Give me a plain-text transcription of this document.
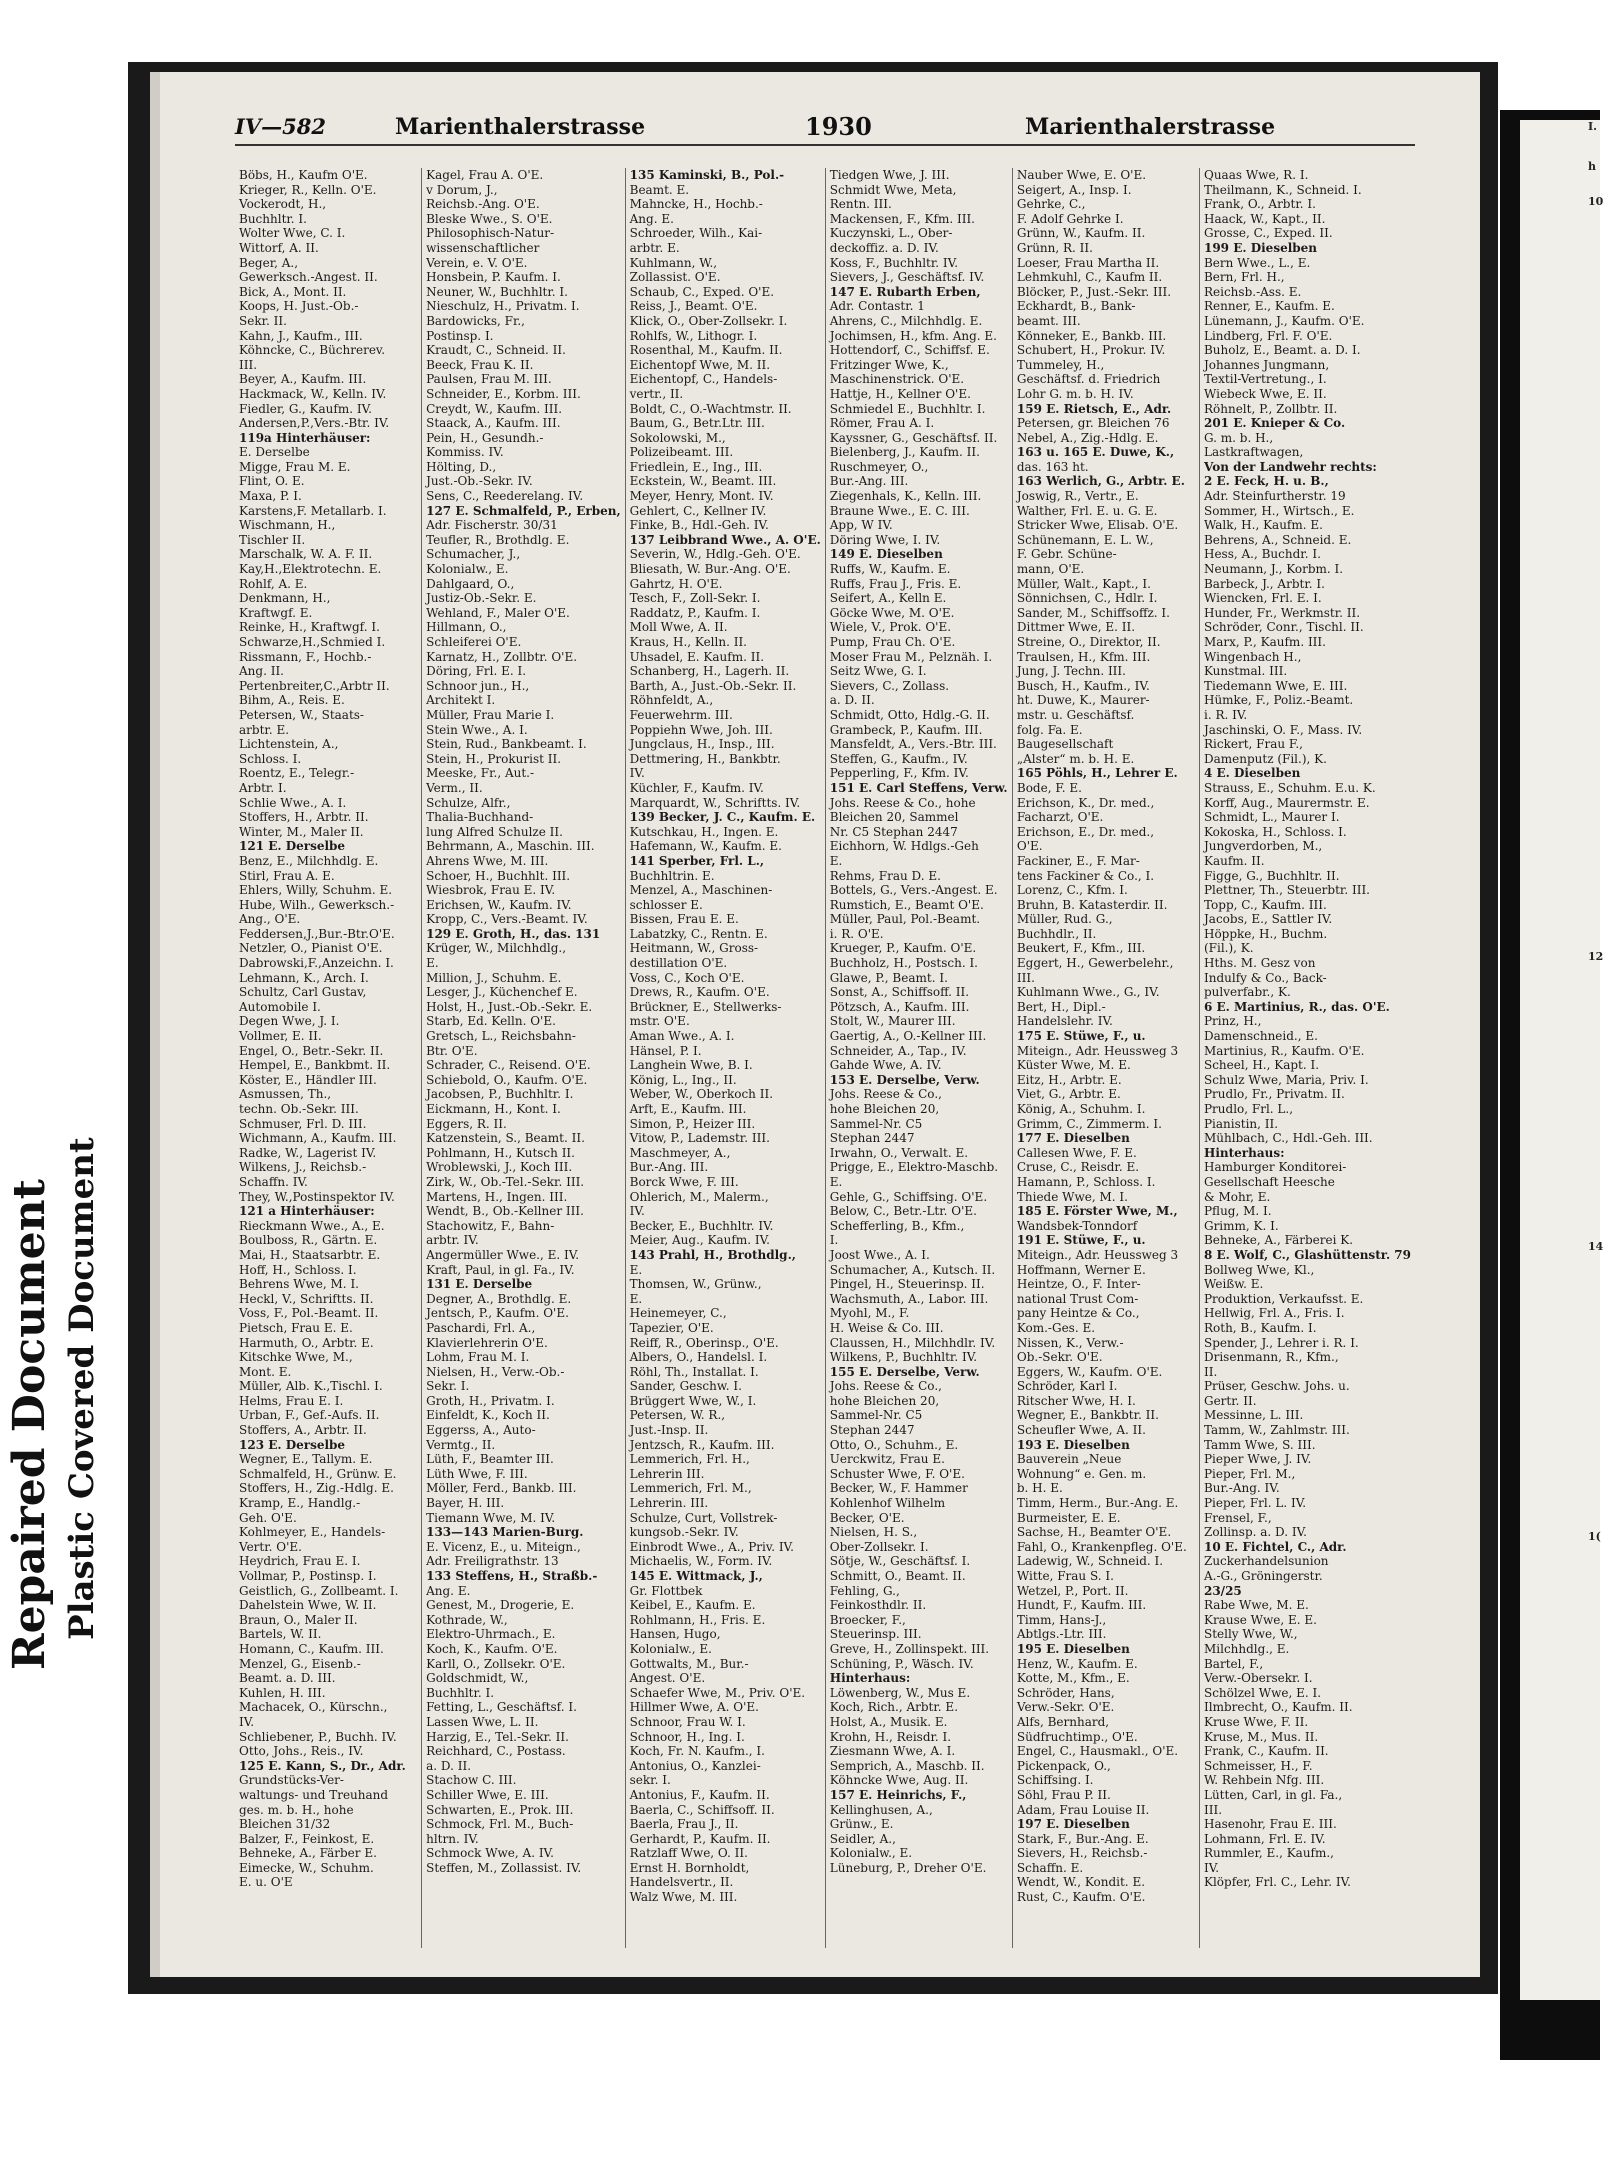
I.
h
10
12
14
1(
IV—582	Marienthalerstrasse	1930	Marienthalerstrasse
Böbs, H., Kaufm O'E.
Krieger, R., Kelln. O'E.
Vockerodt, H.,
Buchhltr. I.
Wolter Wwe, C. I.
Wittorf, A. II.
Beger, A.,
Gewerksch.-Angest. II.
Bick, A., Mont. II.
Koops, H. Just.-Ob.-
Sekr. II.
Kahn, J., Kaufm., III.
Köhncke, C., Büchrerev.
III.
Beyer, A., Kaufm. III.
Hackmack, W., Kelln. IV.
Fiedler, G., Kaufm. IV.
Andersen,P.,Vers.-Btr. IV.
119a Hinterhäuser:
E. Derselbe
Migge, Frau M. E.
Flint, O. E.
Maxa, P. I.
Karstens,F. Metallarb. I.
Wischmann, H.,
Tischler II.
Marschalk, W. A. F. II.
Kay,H.,Elektrotechn. E.
Rohlf, A. E.
Denkmann, H.,
Kraftwgf. E.
Reinke, H., Kraftwgf. I.
Schwarze,H.,Schmied I.
Rissmann, F., Hochb.-
Ang. II.
Pertenbreiter,C.,Arbtr II.
Bihm, A., Reis. E.
Petersen, W., Staats-
arbtr. E.
Lichtenstein, A.,
Schloss. I.
Roentz, E., Telegr.-
Arbtr. I.
Schlie Wwe., A. I.
Stoffers, H., Arbtr. II.
Winter, M., Maler II.
121 E. Derselbe
Benz, E., Milchhdlg. E.
Stirl, Frau A. E.
Ehlers, Willy, Schuhm. E.
Hube, Wilh., Gewerksch.-
Ang., O'E.
Feddersen,J.,Bur.-Btr.O'E.
Netzler, O., Pianist O'E.
Dabrowski,F.,Anzeichn. I.
Lehmann, K., Arch. I.
Schultz, Carl Gustav,
Automobile I.
Degen Wwe, J. I.
Vollmer, E. II.
Engel, O., Betr.-Sekr. II.
Hempel, E., Bankbmt. II.
Köster, E., Händler III.
Asmussen, Th.,
techn. Ob.-Sekr. III.
Schmuser, Frl. D. III.
Wichmann, A., Kaufm. III.
Radke, W., Lagerist IV.
Wilkens, J., Reichsb.-
Schaffn. IV.
They, W.,Postinspektor IV.
121 a Hinterhäuser:
Rieckmann Wwe., A., E.
Boulboss, R., Gärtn. E.
Mai, H., Staatsarbtr. E.
Hoff, H., Schloss. I.
Behrens Wwe, M. I.
Heckl, V., Schriftts. II.
Voss, F., Pol.-Beamt. II.
Pietsch, Frau E. E.
Harmuth, O., Arbtr. E.
Kitschke Wwe, M.,
Mont. E.
Müller, Alb. K.,Tischl. I.
Helms, Frau E. I.
Urban, F., Gef.-Aufs. II.
Stoffers, A., Arbtr. II.
123 E. Derselbe
Wegner, E., Tallym. E.
Schmalfeld, H., Grünw. E.
Stoffers, H., Zig.-Hdlg. E.
Kramp, E., Handlg.-
Geh. O'E.
Kohlmeyer, E., Handels-
Vertr. O'E.
Heydrich, Frau E. I.
Vollmar, P., Postinsp. I.
Geistlich, G., Zollbeamt. I.
Dahelstein Wwe, W. II.
Braun, O., Maler II.
Bartels, W. II.
Homann, C., Kaufm. III.
Menzel, G., Eisenb.-
Beamt. a. D. III.
Kuhlen, H. III.
Machacek, O., Kürschn.,
IV.
Schliebener, P., Buchh. IV.
Otto, Johs., Reis., IV.
125 E. Kann, S., Dr., Adr.
Grundstücks-Ver-
waltungs- und Treuhand
ges. m. b. H., hohe
Bleichen 31/32
Balzer, F., Feinkost, E.
Behneke, A., Färber E.
Eimecke, W., Schuhm.
E. u. O'E
Kagel, Frau A. O'E.
v Dorum, J.,
Reichsb.-Ang. O'E.
Bleske Wwe., S. O'E.
Philosophisch-Natur-
wissenschaftlicher
Verein, e. V. O'E.
Honsbein, P. Kaufm. I.
Neuner, W., Buchhltr. I.
Nieschulz, H., Privatm. I.
Bardowicks, Fr.,
Postinsp. I.
Kraudt, C., Schneid. II.
Beeck, Frau K. II.
Paulsen, Frau M. III.
Schneider, E., Korbm. III.
Creydt, W., Kaufm. III.
Staack, A., Kaufm. III.
Pein, H., Gesundh.-
Kommiss. IV.
Hölting, D.,
Just.-Ob.-Sekr. IV.
Sens, C., Reederelang. IV.
127 E. Schmalfeld, P., Erben,
Adr. Fischerstr. 30/31
Teufler, R., Brothdlg. E.
Schumacher, J.,
Kolonialw., E.
Dahlgaard, O.,
Justiz-Ob.-Sekr. E.
Wehland, F., Maler O'E.
Hillmann, O.,
Schleiferei O'E.
Karnatz, H., Zollbtr. O'E.
Döring, Frl. E. I.
Schnoor jun., H.,
Architekt I.
Müller, Frau Marie I.
Stein Wwe., A. I.
Stein, Rud., Bankbeamt. I.
Stein, H., Prokurist II.
Meeske, Fr., Aut.-
Verm., II.
Schulze, Alfr.,
Thalia-Buchhand-
lung Alfred Schulze II.
Behrmann, A., Maschin. III.
Ahrens Wwe, M. III.
Schoer, H., Buchhlt. III.
Wiesbrok, Frau E. IV.
Erichsen, W., Kaufm. IV.
Kropp, C., Vers.-Beamt. IV.
129 E. Groth, H., das. 131
Krüger, W., Milchhdlg.,
E.
Million, J., Schuhm. E.
Lesger, J., Küchenchef E.
Holst, H., Just.-Ob.-Sekr. E.
Starb, Ed. Kelln. O'E.
Gretsch, L., Reichsbahn-
Btr. O'E.
Schrader, C., Reisend. O'E.
Schiebold, O., Kaufm. O'E.
Jacobsen, P., Buchhltr. I.
Eickmann, H., Kont. I.
Eggers, R. II.
Katzenstein, S., Beamt. II.
Pohlmann, H., Kutsch II.
Wroblewski, J., Koch III.
Zirk, W., Ob.-Tel.-Sekr. III.
Martens, H., Ingen. III.
Wendt, B., Ob.-Kellner III.
Stachowitz, F., Bahn-
arbtr. IV.
Angermüller Wwe., E. IV.
Kraft, Paul, in gl. Fa., IV.
131 E. Derselbe
Degner, A., Brothdlg. E.
Jentsch, P., Kaufm. O'E.
Paschardi, Frl. A.,
Klavierlehrerin O'E.
Lohm, Frau M. I.
Nielsen, H., Verw.-Ob.-
Sekr. I.
Groth, H., Privatm. I.
Einfeldt, K., Koch II.
Eggerss, A., Auto-
Vermtg., II.
Lüth, F., Beamter III.
Lüth Wwe, F. III.
Möller, Ferd., Bankb. III.
Bayer, H. III.
Tiemann Wwe, M. IV.
133—143 Marien-Burg.
E. Vicenz, E., u. Miteign.,
Adr. Freiligrathstr. 13
133 Steffens, H., Straßb.-
Ang. E.
Genest, M., Drogerie, E.
Kothrade, W.,
Elektro-Uhrmach., E.
Koch, K., Kaufm. O'E.
Karll, O., Zollsekr. O'E.
Goldschmidt, W.,
Buchhltr. I.
Fetting, L., Geschäftsf. I.
Lassen Wwe, L. II.
Harzig, E., Tel.-Sekr. II.
Reichhard, C., Postass.
a. D. II.
Stachow C. III.
Schiller Wwe, E. III.
Schwarten, E., Prok. III.
Schmock, Frl. M., Buch-
hltrn. IV.
Schmock Wwe, A. IV.
Steffen, M., Zollassist. IV.
135 Kaminski, B., Pol.-
Beamt. E.
Mahncke, H., Hochb.-
Ang. E.
Schroeder, Wilh., Kai-
arbtr. E.
Kuhlmann, W.,
Zollassist. O'E.
Schaub, C., Exped. O'E.
Reiss, J., Beamt. O'E.
Klick, O., Ober-Zollsekr. I.
Rohlfs, W., Lithogr. I.
Rosenthal, M., Kaufm. II.
Eichentopf Wwe, M. II.
Eichentopf, C., Handels-
vertr., II.
Boldt, C., O.-Wachtmstr. II.
Baum, G., Betr.Ltr. III.
Sokolowski, M.,
Polizeibeamt. III.
Friedlein, E., Ing., III.
Eckstein, W., Beamt. III.
Meyer, Henry, Mont. IV.
Gehlert, C., Kellner IV.
Finke, B., Hdl.-Geh. IV.
137 Leibbrand Wwe., A. O'E.
Severin, W., Hdlg.-Geh. O'E.
Bliesath, W. Bur.-Ang. O'E.
Gahrtz, H. O'E.
Tesch, F., Zoll-Sekr. I.
Raddatz, P., Kaufm. I.
Moll Wwe, A. II.
Kraus, H., Kelln. II.
Uhsadel, E. Kaufm. II.
Schanberg, H., Lagerh. II.
Barth, A., Just.-Ob.-Sekr. II.
Röhnfeldt, A.,
Feuerwehrm. III.
Poppiehn Wwe, Joh. III.
Jungclaus, H., Insp., III.
Dettmering, H., Bankbtr.
IV.
Küchler, F., Kaufm. IV.
Marquardt, W., Schriftts. IV.
139 Becker, J. C., Kaufm. E.
Kutschkau, H., Ingen. E.
Hafemann, W., Kaufm. E.
141 Sperber, Frl. L.,
Buchhltrin. E.
Menzel, A., Maschinen-
schlosser E.
Bissen, Frau E. E.
Labatzky, C., Rentn. E.
Heitmann, W., Gross-
destillation O'E.
Voss, C., Koch O'E.
Drews, R., Kaufm. O'E.
Brückner, E., Stellwerks-
mstr. O'E.
Aman Wwe., A. I.
Hänsel, P. I.
Langhein Wwe, B. I.
König, L., Ing., II.
Weber, W., Oberkoch II.
Arft, E., Kaufm. III.
Simon, P., Heizer III.
Vitow, P., Lademstr. III.
Maschmeyer, A.,
Bur.-Ang. III.
Borck Wwe, F. III.
Ohlerich, M., Malerm.,
IV.
Becker, E., Buchhltr. IV.
Meier, Aug., Kaufm. IV.
143 Prahl, H., Brothdlg.,
E.
Thomsen, W., Grünw.,
E.
Heinemeyer, C.,
Tapezier, O'E.
Reiff, R., Oberinsp., O'E.
Albers, O., Handelsl. I.
Röhl, Th., Installat. I.
Sander, Geschw. I.
Brüggert Wwe, W., I.
Petersen, W. R.,
Just.-Insp. II.
Jentzsch, R., Kaufm. III.
Lemmerich, Frl. H.,
Lehrerin III.
Lemmerich, Frl. M.,
Lehrerin. III.
Schulze, Curt, Vollstrek-
kungsob.-Sekr. IV.
Einbrodt Wwe., A., Priv. IV.
Michaelis, W., Form. IV.
145 E. Wittmack, J.,
Gr. Flottbek
Keibel, E., Kaufm. E.
Rohlmann, H., Fris. E.
Hansen, Hugo,
Kolonialw., E.
Gottwalts, M., Bur.-
Angest. O'E.
Schaefer Wwe, M., Priv. O'E.
Hillmer Wwe, A. O'E.
Schnoor, Frau W. I.
Schnoor, H., Ing. I.
Koch, Fr. N. Kaufm., I.
Antonius, O., Kanzlei-
sekr. I.
Antonius, F., Kaufm. II.
Baerla, C., Schiffsoff. II.
Baerla, Frau J., II.
Gerhardt, P., Kaufm. II.
Ratzlaff Wwe, O. II.
Ernst H. Bornholdt,
Handelsvertr., II.
Walz Wwe, M. III.
Tiedgen Wwe, J. III.
Schmidt Wwe, Meta,
Rentn. III.
Mackensen, F., Kfm. III.
Kuczynski, L., Ober-
deckoffiz. a. D. IV.
Koss, F., Buchhltr. IV.
Sievers, J., Geschäftsf. IV.
147 E. Rubarth Erben,
Adr. Contastr. 1
Ahrens, C., Milchhdlg. E.
Jochimsen, H., kfm. Ang. E.
Hottendorf, C., Schiffsf. E.
Fritzinger Wwe, K.,
Maschinenstrick. O'E.
Hattje, H., Kellner O'E.
Schmiedel E., Buchhltr. I.
Römer, Frau A. I.
Kayssner, G., Geschäftsf. II.
Bielenberg, J., Kaufm. II.
Ruschmeyer, O.,
Bur.-Ang. III.
Ziegenhals, K., Kelln. III.
Braune Wwe., E. C. III.
App, W IV.
Döring Wwe, I. IV.
149 E. Dieselben
Ruffs, W., Kaufm. E.
Ruffs, Frau J., Fris. E.
Seifert, A., Kelln E.
Göcke Wwe, M. O'E.
Wiele, V., Prok. O'E.
Pump, Frau Ch. O'E.
Moser Frau M., Pelznäh. I.
Seitz Wwe, G. I.
Sievers, C., Zollass.
a. D. II.
Schmidt, Otto, Hdlg.-G. II.
Grambeck, P., Kaufm. III.
Mansfeldt, A., Vers.-Btr. III.
Steffen, G., Kaufm., IV.
Pepperling, F., Kfm. IV.
151 E. Carl Steffens, Verw.
Johs. Reese & Co., hohe
Bleichen 20, Sammel
Nr. C5 Stephan 2447
Eichhorn, W. Hdlgs.-Geh
E.
Rehms, Frau D. E.
Bottels, G., Vers.-Angest. E.
Rumstich, E., Beamt O'E.
Müller, Paul, Pol.-Beamt.
i. R. O'E.
Krueger, P., Kaufm. O'E.
Buchholz, H., Postsch. I.
Glawe, P., Beamt. I.
Sonst, A., Schiffsoff. II.
Pötzsch, A., Kaufm. III.
Stolt, W., Maurer III.
Gaertig, A., O.-Kellner III.
Schneider, A., Tap., IV.
Gahde Wwe, A. IV.
153 E. Derselbe, Verw.
Johs. Reese & Co.,
hohe Bleichen 20,
Sammel-Nr. C5
Stephan 2447
Irwahn, O., Verwalt. E.
Prigge, E., Elektro-Maschb.
E.
Gehle, G., Schiffsing. O'E.
Below, C., Betr.-Ltr. O'E.
Schefferling, B., Kfm.,
I.
Joost Wwe., A. I.
Schumacher, A., Kutsch. II.
Pingel, H., Steuerinsp. II.
Wachsmuth, A., Labor. III.
Myohl, M., F.
H. Weise & Co. III.
Claussen, H., Milchhdlr. IV.
Wilkens, P., Buchhltr. IV.
155 E. Derselbe, Verw.
Johs. Reese & Co.,
hohe Bleichen 20,
Sammel-Nr. C5
Stephan 2447
Otto, O., Schuhm., E.
Uerckwitz, Frau E.
Schuster Wwe, F. O'E.
Becker, W., F. Hammer
Kohlenhof Wilhelm
Becker, O'E.
Nielsen, H. S.,
Ober-Zollsekr. I.
Sötje, W., Geschäftsf. I.
Schmitt, O., Beamt. II.
Fehling, G.,
Feinkosthdlr. II.
Broecker, F.,
Steuerinsp. III.
Greve, H., Zollinspekt. III.
Schüning, P., Wäsch. IV.
Hinterhaus:
Löwenberg, W., Mus E.
Koch, Rich., Arbtr. E.
Holst, A., Musik. E.
Krohn, H., Reisdr. I.
Ziesmann Wwe, A. I.
Semprich, A., Maschb. II.
Köhncke Wwe, Aug. II.
157 E. Heinrichs, F.,
Kellinghusen, A.,
Grünw., E.
Seidler, A.,
Kolonialw., E.
Lüneburg, P., Dreher O'E.
Nauber Wwe, E. O'E.
Seigert, A., Insp. I.
Gehrke, C.,
F. Adolf Gehrke I.
Grünn, W., Kaufm. II.
Grünn, R. II.
Loeser, Frau Martha II.
Lehmkuhl, C., Kaufm II.
Blöcker, P., Just.-Sekr. III.
Eckhardt, B., Bank-
beamt. III.
Könneker, E., Bankb. III.
Schubert, H., Prokur. IV.
Tummeley, H.,
Geschäftsf. d. Friedrich
Lohr G. m. b. H. IV.
159 E. Rietsch, E., Adr.
Petersen, gr. Bleichen 76
Nebel, A., Zig.-Hdlg. E.
163 u. 165 E. Duwe, K.,
das. 163 ht.
163 Werlich, G., Arbtr. E.
Joswig, R., Vertr., E.
Walther, Frl. E. u. G. E.
Stricker Wwe, Elisab. O'E.
Schünemann, E. L. W.,
F. Gebr. Schüne-
mann, O'E.
Müller, Walt., Kapt., I.
Sönnichsen, C., Hdlr. I.
Sander, M., Schiffsoffz. I.
Dittmer Wwe, E. II.
Streine, O., Direktor, II.
Traulsen, H., Kfm. III.
Jung, J. Techn. III.
Busch, H., Kaufm., IV.
ht. Duwe, K., Maurer-
mstr. u. Geschäftsf.
folg. Fa. E.
Baugesellschaft
„Alster“ m. b. H. E.
165 Pöhls, H., Lehrer E.
Bode, F. E.
Erichson, K., Dr. med.,
Facharzt, O'E.
Erichson, E., Dr. med.,
O'E.
Fackiner, E., F. Mar-
tens Fackiner & Co., I.
Lorenz, C., Kfm. I.
Bruhn, B. Katasterdir. II.
Müller, Rud. G.,
Buchhdlr., II.
Beukert, F., Kfm., III.
Eggert, H., Gewerbelehr.,
III.
Kuhlmann Wwe., G., IV.
Bert, H., Dipl.-
Handelslehr. IV.
175 E. Stüwe, F., u.
Miteign., Adr. Heussweg 3
Küster Wwe, M. E.
Eitz, H., Arbtr. E.
Viet, G., Arbtr. E.
König, A., Schuhm. I.
Grimm, C., Zimmerm. I.
177 E. Dieselben
Callesen Wwe, F. E.
Cruse, C., Reisdr. E.
Hamann, P., Schloss. I.
Thiede Wwe, M. I.
185 E. Förster Wwe, M.,
Wandsbek-Tonndorf
191 E. Stüwe, F., u.
Miteign., Adr. Heussweg 3
Hoffmann, Werner E.
Heintze, O., F. Inter-
national Trust Com-
pany Heintze & Co.,
Kom.-Ges. E.
Nissen, K., Verw.-
Ob.-Sekr. O'E.
Eggers, W., Kaufm. O'E.
Schröder, Karl I.
Ritscher Wwe, H. I.
Wegner, E., Bankbtr. II.
Scheufler Wwe, A. II.
193 E. Dieselben
Bauverein „Neue
Wohnung“ e. Gen. m.
b. H. E.
Timm, Herm., Bur.-Ang. E.
Burmeister, E. E.
Sachse, H., Beamter O'E.
Fahl, O., Krankenpfleg. O'E.
Ladewig, W., Schneid. I.
Witte, Frau S. I.
Wetzel, P., Port. II.
Hundt, F., Kaufm. III.
Timm, Hans-J.,
Abtlgs.-Ltr. III.
195 E. Dieselben
Henz, W., Kaufm. E.
Kotte, M., Kfm., E.
Schröder, Hans,
Verw.-Sekr. O'E.
Alfs, Bernhard,
Südfruchtimp., O'E.
Engel, C., Hausmakl., O'E.
Pickenpack, O.,
Schiffsing. I.
Söhl, Frau P. II.
Adam, Frau Louise II.
197 E. Dieselben
Stark, F., Bur.-Ang. E.
Sievers, H., Reichsb.-
Schaffn. E.
Wendt, W., Kondit. E.
Rust, C., Kaufm. O'E.
Quaas Wwe, R. I.
Theilmann, K., Schneid. I.
Frank, O., Arbtr. I.
Haack, W., Kapt., II.
Grosse, C., Exped. II.
199 E. Dieselben
Bern Wwe., L., E.
Bern, Frl. H.,
Reichsb.-Ass. E.
Renner, E., Kaufm. E.
Lünemann, J., Kaufm. O'E.
Lindberg, Frl. F. O'E.
Buholz, E., Beamt. a. D. I.
Johannes Jungmann,
Textil-Vertretung., I.
Wiebeck Wwe, E. II.
Röhnelt, P., Zollbtr. II.
201 E. Knieper & Co.
G. m. b. H.,
Lastkraftwagen,
Von der Landwehr rechts:
2 E. Feck, H. u. B.,
Adr. Steinfurtherstr. 19
Sommer, H., Wirtsch., E.
Walk, H., Kaufm. E.
Behrens, A., Schneid. E.
Hess, A., Buchdr. I.
Neumann, J., Korbm. I.
Barbeck, J., Arbtr. I.
Wiencken, Frl. E. I.
Hunder, Fr., Werkmstr. II.
Schröder, Conr., Tischl. II.
Marx, P., Kaufm. III.
Wingenbach H.,
Kunstmal. III.
Tiedemann Wwe, E. III.
Hümke, F., Poliz.-Beamt.
i. R. IV.
Jaschinski, O. F., Mass. IV.
Rickert, Frau F.,
Damenputz (Fil.), K.
4 E. Dieselben
Strauss, E., Schuhm. E.u. K.
Korff, Aug., Maurermstr. E.
Schmidt, L., Maurer I.
Kokoska, H., Schloss. I.
Jungverdorben, M.,
Kaufm. II.
Figge, G., Buchhltr. II.
Plettner, Th., Steuerbtr. III.
Topp, C., Kaufm. III.
Jacobs, E., Sattler IV.
Höppke, H., Buchm.
(Fil.), K.
Hths. M. Gesz von
Indulfy & Co., Back-
pulverfabr., K.
6 E. Martinius, R., das. O'E.
Prinz, H.,
Damenschneid., E.
Martinius, R., Kaufm. O'E.
Scheel, H., Kapt. I.
Schulz Wwe, Maria, Priv. I.
Prudlo, Fr., Privatm. II.
Prudlo, Frl. L.,
Pianistin, II.
Mühlbach, C., Hdl.-Geh. III.
Hinterhaus:
Hamburger Konditorei-
Gesellschaft Heesche
& Mohr, E.
Pflug, M. I.
Grimm, K. I.
Behneke, A., Färberei K.
8 E. Wolf, C., Glashüttenstr. 79
Bollweg Wwe, Kl.,
Weißw. E.
Produktion, Verkaufsst. E.
Hellwig, Frl. A., Fris. I.
Roth, B., Kaufm. I.
Spender, J., Lehrer i. R. I.
Drisenmann, R., Kfm.,
II.
Prüser, Geschw. Johs. u.
Gertr. II.
Messinne, L. III.
Tamm, W., Zahlmstr. III.
Tamm Wwe, S. III.
Pieper Wwe, J. IV.
Pieper, Frl. M.,
Bur.-Ang. IV.
Pieper, Frl. L. IV.
Frensel, F.,
Zollinsp. a. D. IV.
10 E. Fichtel, C., Adr.
Zuckerhandelsunion
A.-G., Gröningerstr.
23/25
Rabe Wwe, M. E.
Krause Wwe, E. E.
Stelly Wwe, W.,
Milchhdlg., E.
Bartel, F.,
Verw.-Obersekr. I.
Schölzel Wwe, E. I.
Ilmbrecht, O., Kaufm. II.
Kruse Wwe, F. II.
Kruse, M., Mus. II.
Frank, C., Kaufm. II.
Schmeisser, H., F.
W. Rehbein Nfg. III.
Lütten, Carl, in gl. Fa.,
III.
Hasenohr, Frau E. III.
Lohmann, Frl. E. IV.
Rummler, E., Kaufm.,
IV.
Klöpfer, Frl. C., Lehr. IV.
Repaired Document Plastic Covered Document
